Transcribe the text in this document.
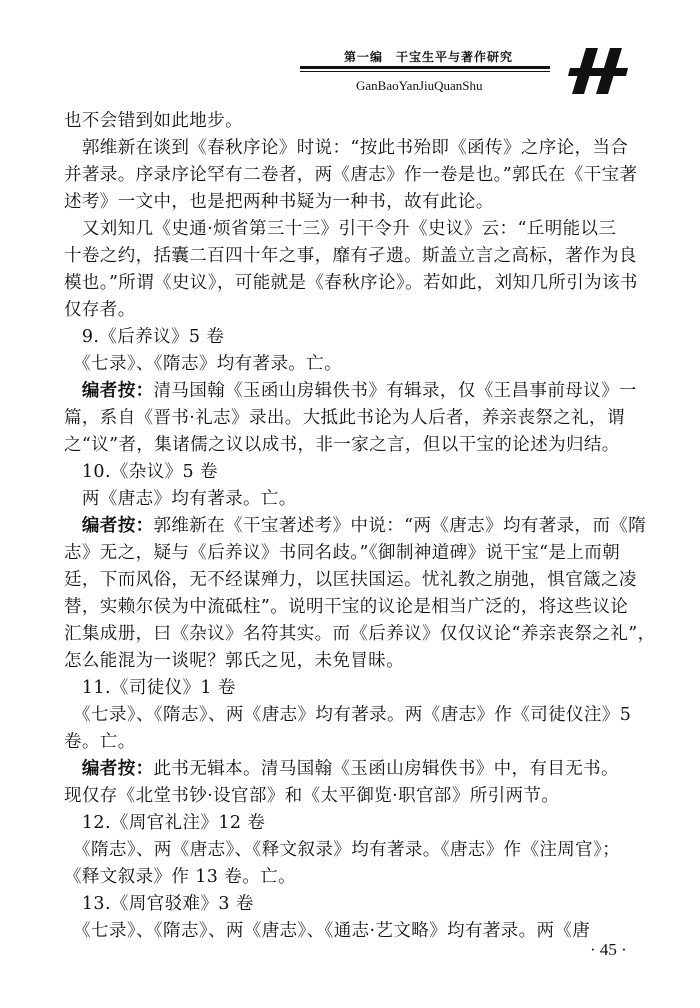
第一编　干宝生平与著作研究
GanBaoYanJiuQuanShu
也不会错到如此地步。
　郭维新在谈到《春秋序论》时说：“按此书殆即《函传》之序论，当合
并著录。序录序论罕有二卷者，两《唐志》作一卷是也。”郭氏在《干宝著
述考》一文中，也是把两种书疑为一种书，故有此论。
　又刘知几《史通·烦省第三十三》引干令升《史议》云：“丘明能以三
十卷之约，括囊二百四十年之事，靡有孑遗。斯盖立言之高标，著作为良
模也。”所谓《史议》，可能就是《春秋序论》。若如此，刘知几所引为该书
仅存者。
　9.《后养议》5 卷
　《七录》、《隋志》均有著录。亡。
　编者按：清马国翰《玉函山房辑佚书》有辑录，仅《王昌事前母议》一
篇，系自《晋书·礼志》录出。大抵此书论为人后者，养亲丧祭之礼，谓
之“议”者，集诸儒之议以成书，非一家之言，但以干宝的论述为归结。
　10.《杂议》5 卷
　两《唐志》均有著录。亡。
　编者按：郭维新在《干宝著述考》中说：“两《唐志》均有著录，而《隋
志》无之，疑与《后养议》书同名歧。”《御制神道碑》说干宝“是上而朝
廷，下而风俗，无不经谋殚力，以匡扶国运。忧礼教之崩弛，惧官箴之凌
替，实赖尔侯为中流砥柱”。说明干宝的议论是相当广泛的，将这些议论
汇集成册，曰《杂议》名符其实。而《后养议》仅仅议论“养亲丧祭之礼”，
怎么能混为一谈呢？郭氏之见，未免冒昧。
　11.《司徒仪》1 卷
　《七录》、《隋志》、两《唐志》均有著录。两《唐志》作《司徒仪注》5
卷。亡。
　编者按：此书无辑本。清马国翰《玉函山房辑佚书》中，有目无书。
现仅存《北堂书钞·设官部》和《太平御览·职官部》所引两节。
　12.《周官礼注》12 卷
　《隋志》、两《唐志》、《释文叙录》均有著录。《唐志》作《注周官》；
《释文叙录》作 13 卷。亡。
　13.《周官驳难》3 卷
　《七录》、《隋志》、两《唐志》、《通志·艺文略》均有著录。两《唐
· 45 ·
